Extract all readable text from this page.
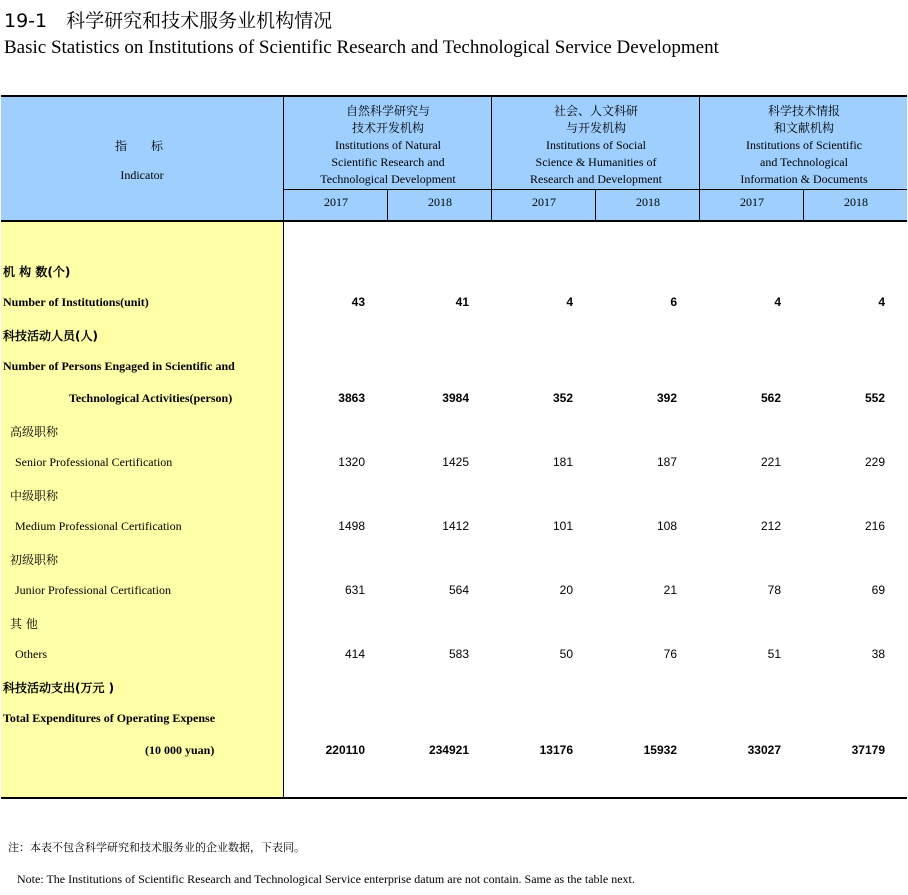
19-1　科学研究和技术服务业机构情况
Basic Statistics on Institutions of Scientific Research and Technological Service Development
指　标
Indicator
自然科学研究与
技术开发机构
Institutions of Natural
Scientific Research and
Technological Development
社会、人文科研
与开发机构
Institutions of Social
Science & Humanities of
Research and Development
科学技术情报
和文献机构
Institutions of Scientific
and Technological
Information & Documents
2017	2018	2017	2018	2017	2018
机 构 数(个)
Number of Institutions(unit)	43	41	4	6	4	4
科技活动人员(人)
Number of Persons Engaged in Scientific and
Technological Activities(person)	3863	3984	352	392	562	552
高级职称
Senior Professional Certification	1320	1425	181	187	221	229
中级职称
Medium Professional Certification	1498	1412	101	108	212	216
初级职称
Junior Professional Certification	631	564	20	21	78	69
其 他
Others	414	583	50	76	51	38
科技活动支出(万元 )
Total Expenditures of Operating Expense
(10 000 yuan)	220110	234921	13176	15932	33027	37179
注：本表不包含科学研究和技术服务业的企业数据，下表同。
Note: The Institutions of Scientific Research and Technological Service enterprise datum are not contain. Same as the table next.
